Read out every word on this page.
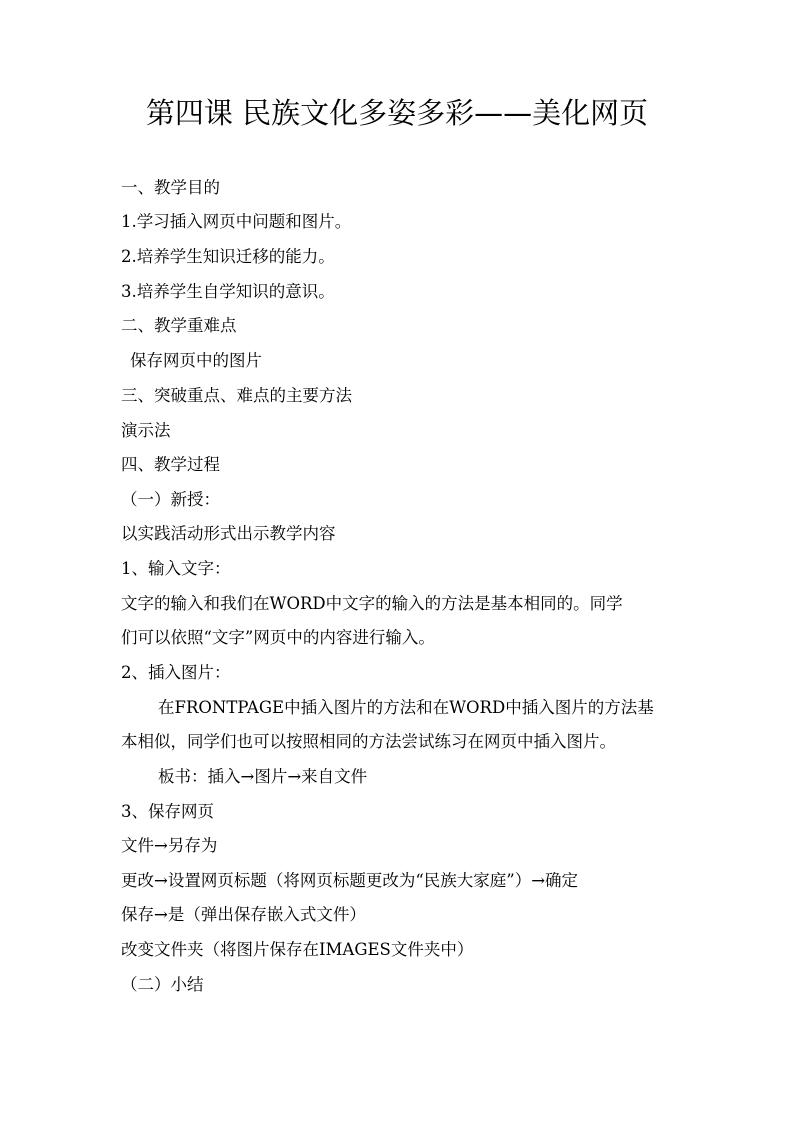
第四课 民族文化多姿多彩——美化网页
一、教学目的
1.学习插入网页中问题和图片。
2.培养学生知识迁移的能力。
3.培养学生自学知识的意识。
二、教学重难点
保存网页中的图片
三、突破重点、难点的主要方法
演示法
四、教学过程
（一）新授：
以实践活动形式出示教学内容
1、输入文字：
文字的输入和我们在WORD中文字的输入的方法是基本相同的。同学
们可以依照“文字”网页中的内容进行输入。
2、插入图片：
在FRONTPAGE中插入图片的方法和在WORD中插入图片的方法基
本相似，同学们也可以按照相同的方法尝试练习在网页中插入图片。
板书：插入→图片→来自文件
3、保存网页
文件→另存为
更改→设置网页标题（将网页标题更改为“民族大家庭”）→确定
保存→是（弹出保存嵌入式文件）
改变文件夹（将图片保存在IMAGES文件夹中）
（二）小结
